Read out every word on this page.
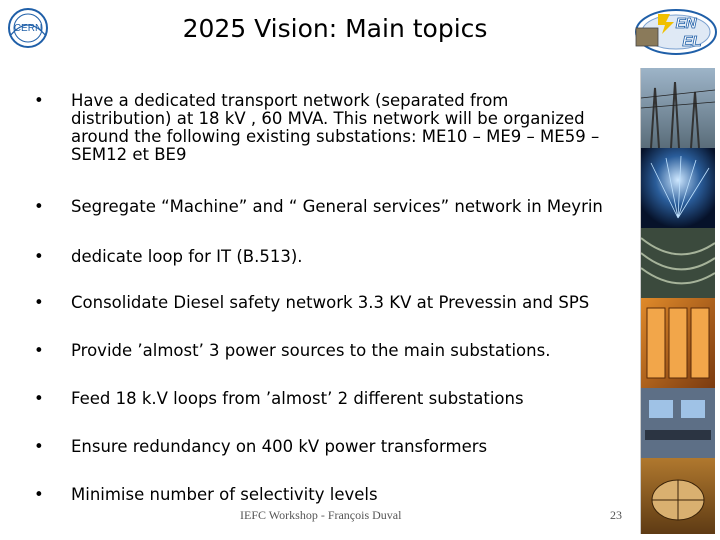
CERN	2025 Vision: Main topics	EN
EL
•	Have a dedicated transport network (separated from distribution) at 18 kV , 60 MVA. This network will be organized around the following existing substations: ME10 – ME9 – ME59 – SEM12 et BE9
•	Segregate “Machine” and “ General services” network in Meyrin
•	dedicate loop for IT (B.513).
•	Consolidate Diesel safety network 3.3 KV at Prevessin and SPS
•	Provide ’almost’ 3 power sources to the main substations.
•	Feed 18 k.V loops from ’almost’ 2 different substations
•	Ensure redundancy on 400 kV power transformers
•	Minimise number of selectivity levels
IEFC Workshop - François Duval	23
